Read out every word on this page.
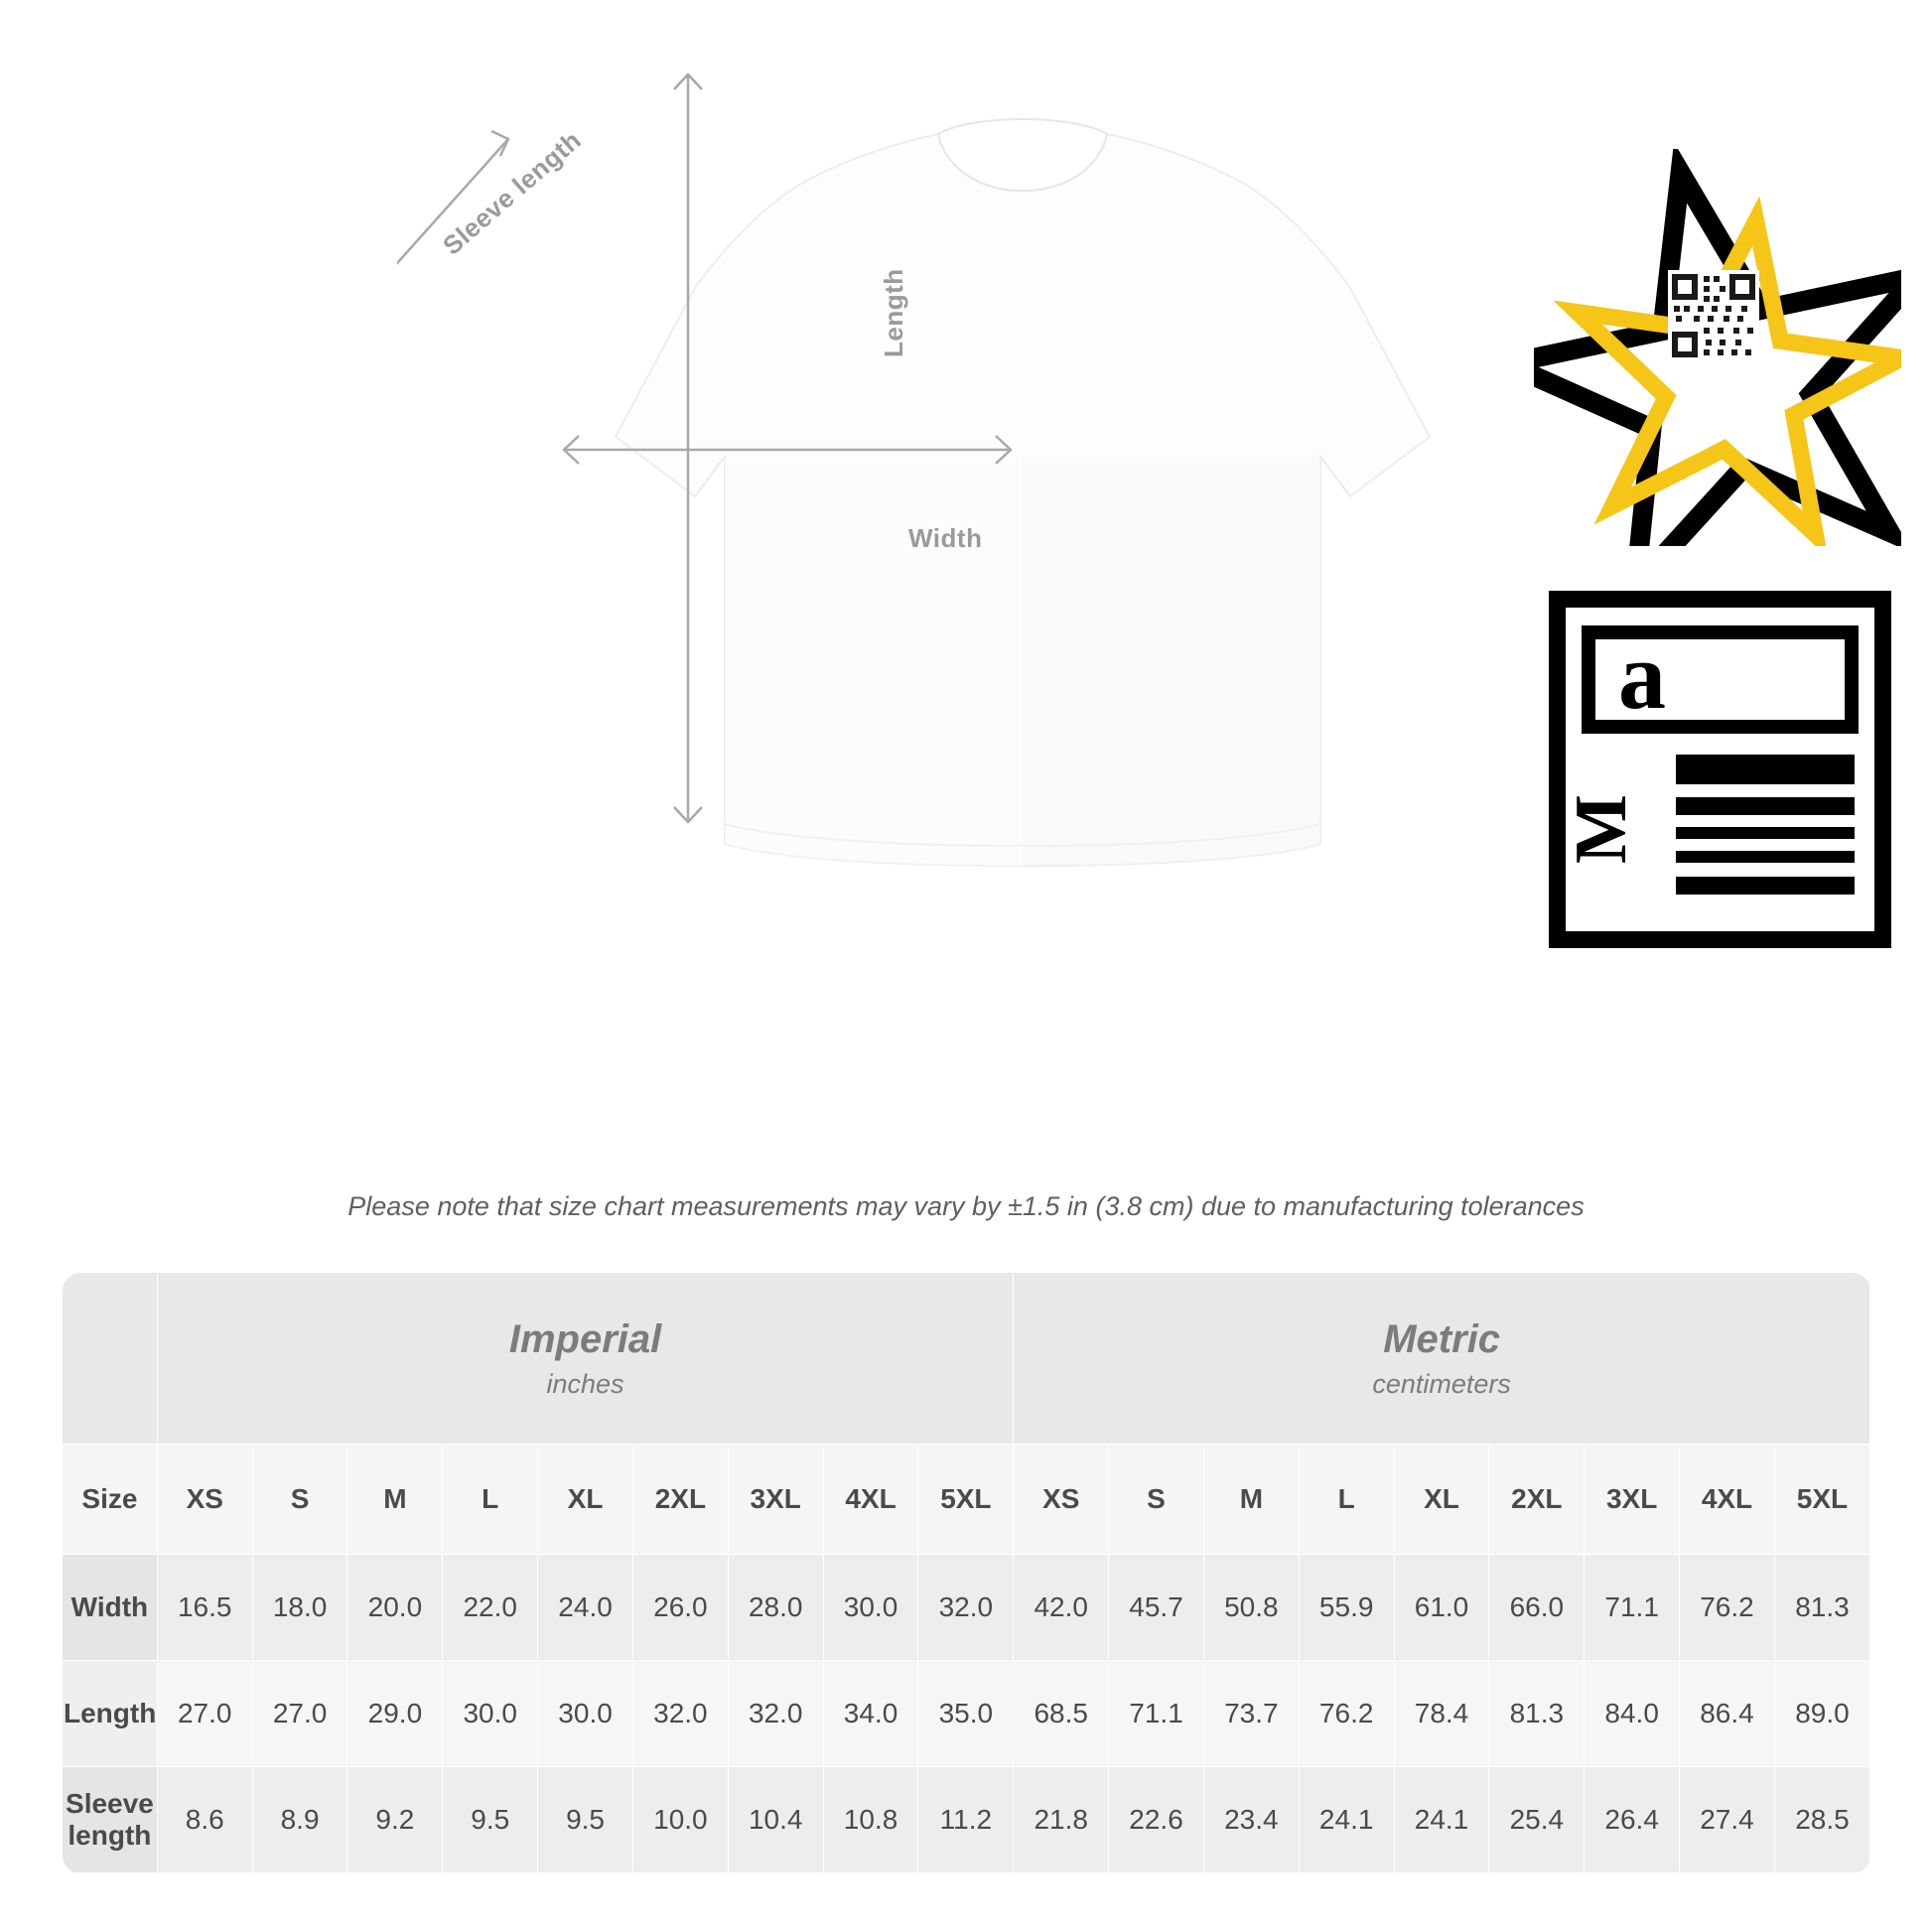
Sleeve length
Length
Width
a
M
Please note that size chart measurements may vary by ±1.5 in (3.8 cm) due to manufacturing tolerances

Imperial
inches

Metric
centimeters

Size	XS	S	M	L	XL	2XL	3XL	4XL	5XL	XS	S	M	L	XL	2XL	3XL	4XL	5XL
Width	16.5	18.0	20.0	22.0	24.0	26.0	28.0	30.0	32.0	42.0	45.7	50.8	55.9	61.0	66.0	71.1	76.2	81.3
Length	27.0	27.0	29.0	30.0	30.0	32.0	32.0	34.0	35.0	68.5	71.1	73.7	76.2	78.4	81.3	84.0	86.4	89.0
Sleeve length	8.6	8.9	9.2	9.5	9.5	10.0	10.4	10.8	11.2	21.8	22.6	23.4	24.1	24.1	25.4	26.4	27.4	28.5
